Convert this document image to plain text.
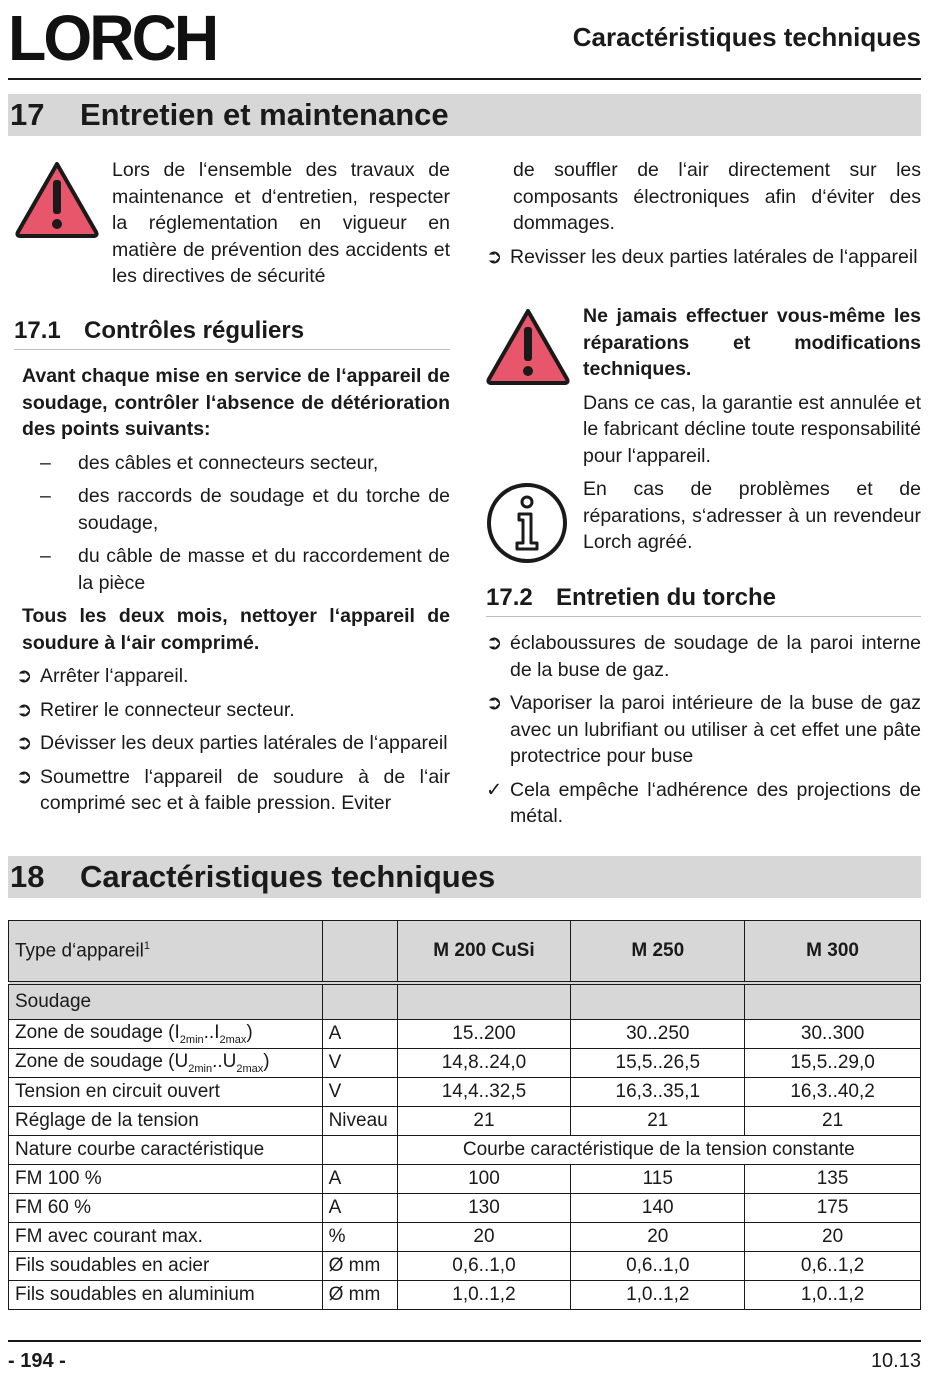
LORCH	Caractéristiques techniques
17	Entretien et maintenance

Lors de l‘ensemble des travaux de maintenance et d‘entretien, respecter la réglementation en vigueur en matière de prévention des accidents et les directives de sécurité

17.1 Contrôles réguliers

Avant chaque mise en service de l‘appareil de soudage, contrôler l‘absence de détérioration des points suivants:

–	des câbles et connecteurs secteur,
–	des raccords de soudage et du torche de soudage,
–	du câble de masse et du raccordement de la pièce

Tous les deux mois, nettoyer l‘appareil de soudure à l‘air comprimé.

➲ Arrêter l‘appareil.
➲ Retirer le connecteur secteur.
➲ Dévisser les deux parties latérales de l‘appareil
➲ Soumettre l‘appareil de soudure à de l‘air comprimé sec et à faible pression. Eviter

de souffler de l‘air directement sur les composants électroniques afin d‘éviter des dommages.

➲ Revisser les deux parties latérales de l‘appareil

Ne jamais effectuer vous-même les réparations et modifications techniques.

Dans ce cas, la garantie est annulée et le fabricant décline toute responsabilité pour l‘appareil.

En cas de problèmes et de réparations, s‘adresser à un revendeur Lorch agréé.

17.2 Entretien du torche
➲ éclaboussures de soudage de la paroi interne de la buse de gaz.
➲ Vaporiser la paroi intérieure de la buse de gaz avec un lubrifiant ou utiliser à cet effet une pâte protectrice pour buse
✓ Cela empêche l‘adhérence des projections de métal.
18	Caractéristiques techniques
Type d‘appareil$^1$		M 200 CuSi	M 250	M 300
Soudage				
Zone de soudage $(I_{2min}..I_{2max})$	A	15..200	30..250	30..300
Zone de soudage $(U_{2min}..U_{2max})$	V	14,8..24,0	15,5..26,5	15,5..29,0
Tension en circuit ouvert	V	14,4..32,5	16,3..35,1	16,3..40,2
Réglage de la tension	Niveau	21	21	21
Nature courbe caractéristique		Courbe caractéristique de la tension constante		
FM 100 %	A	100	115	135
FM 60 %	A	130	140	175
FM avec courant max.	%	20	20	20
Fils soudables en acier	Ø mm	0,6..1,0	0,6..1,0	0,6..1,2
Fils soudables en aluminium	Ø mm	1,0..1,2	1,0..1,2	1,0..1,2
- 194 -	10.13
